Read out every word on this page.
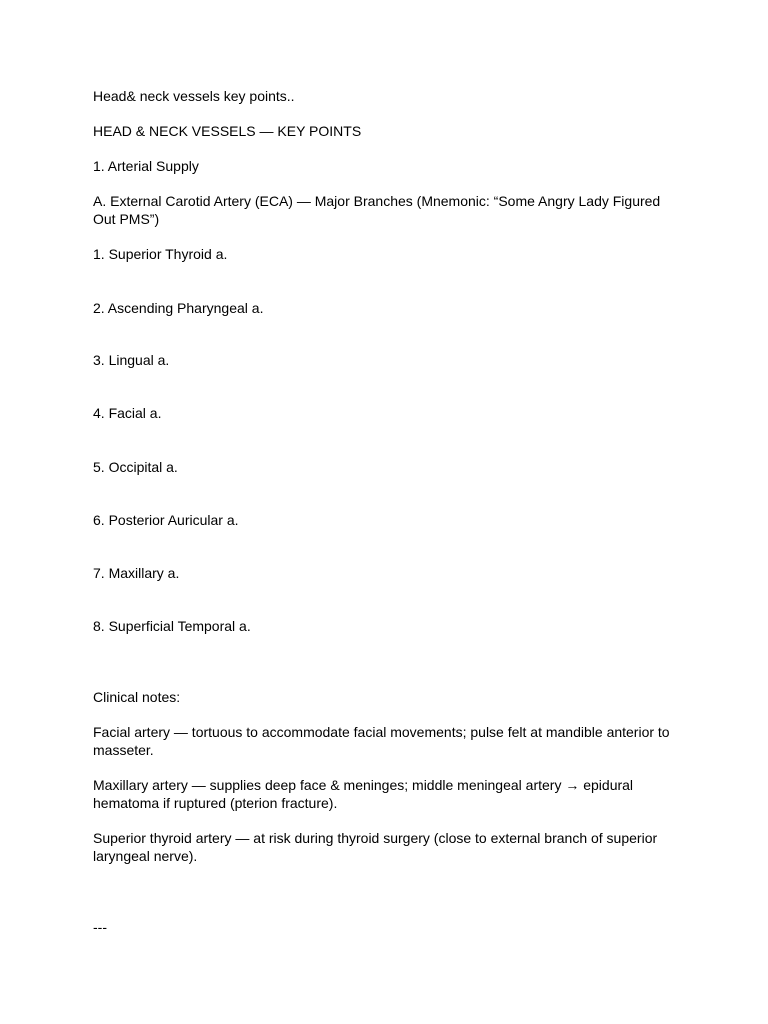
Head& neck vessels key points..

HEAD & NECK VESSELS — KEY POINTS

1. Arterial Supply

A. External Carotid Artery (ECA) — Major Branches (Mnemonic: “Some Angry Lady Figured Out PMS”)

1. Superior Thyroid a.

2. Ascending Pharyngeal a.

3. Lingual a.

4. Facial a.

5. Occipital a.

6. Posterior Auricular a.

7. Maxillary a.

8. Superficial Temporal a.

Clinical notes:

Facial artery — tortuous to accommodate facial movements; pulse felt at mandible anterior to masseter.

Maxillary artery — supplies deep face & meninges; middle meningeal artery → epidural hematoma if ruptured (pterion fracture).

Superior thyroid artery — at risk during thyroid surgery (close to external branch of superior laryngeal nerve).

---
